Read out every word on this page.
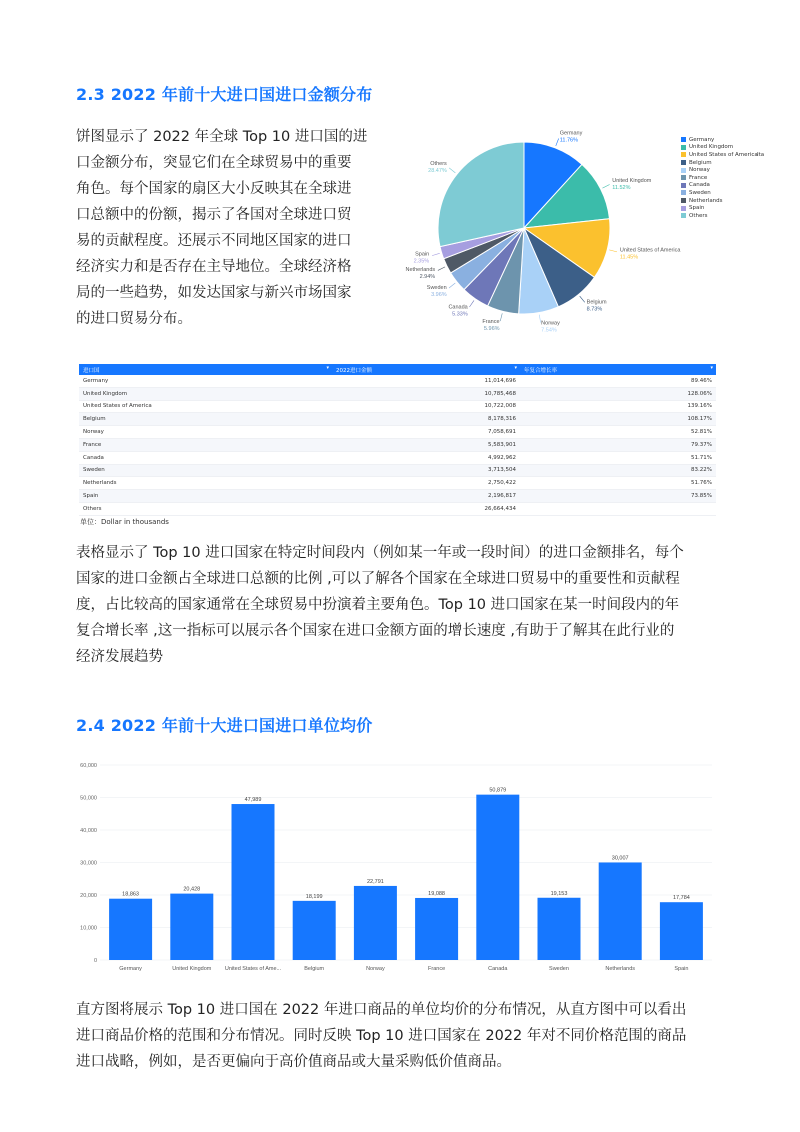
2.3 2022 年前十大进口国进口金额分布
饼图显示了 2022 年全球 Top 10 进口国的进
口金额分布，突显它们在全球贸易中的重要
角色。每个国家的扇区大小反映其在全球进
口总额中的份额，揭示了各国对全球进口贸
易的贡献程度。还展示不同地区国家的进口
经济实力和是否存在主导地位。全球经济格
局的一些趋势，如发达国家与新兴市场国家
的进口贸易分布。
Germany
11.76%
United Kingdom
11.52%
United States of America
11.45%
Belgium
8.73%
Norway
7.54%
France
5.96%
Canada
5.33%
Sweden
3.96%
Netherlands
2.94%
Spain
2.35%
Others
28.47%
Germany
United Kingdom
United States of America
Belgium
Norway
France
Canada
Sweden
Netherlands
Spain
Others
Ita
进口国 ▾	2022进口金额 ▾	年复合增长率 ▾

Germany	11,014,696	89.46%
United Kingdom	10,785,468	128.06%
United States of America	10,722,008	139.16%
Belgium	8,178,316	108.17%
Norway	7,058,691	52.81%
France	5,583,901	79.37%
Canada	4,992,962	51.71%
Sweden	3,713,504	83.22%
Netherlands	2,750,422	51.76%
Spain	2,196,817	73.85%
Others	26,664,434	
单位：Dollar in thousands
表格显示了 Top 10 进口国家在特定时间段内（例如某一年或一段时间）的进口金额排名，每个
国家的进口金额占全球进口总额的比例 ,可以了解各个国家在全球进口贸易中的重要性和贡献程
度，占比较高的国家通常在全球贸易中扮演着主要角色。Top 10 进口国家在某一时间段内的年
复合增长率 ,这一指标可以展示各个国家在进口金额方面的增长速度 ,有助于了解其在此行业的
经济发展趋势
2.4 2022 年前十大进口国进口单位均价
0
10,000
20,000
30,000
40,000
50,000
60,000
18,863
Germany
20,428
United Kingdom
47,989
United States of Ame...
18,199
Belgium
22,791
Norway
19,088
France
50,879
Canada
19,153
Sweden
30,007
Netherlands
17,784
Spain
直方图将展示 Top 10 进口国在 2022 年进口商品的单位均价的分布情况，从直方图中可以看出
进口商品价格的范围和分布情况。同时反映 Top 10 进口国家在 2022 年对不同价格范围的商品
进口战略，例如，是否更偏向于高价值商品或大量采购低价值商品。
